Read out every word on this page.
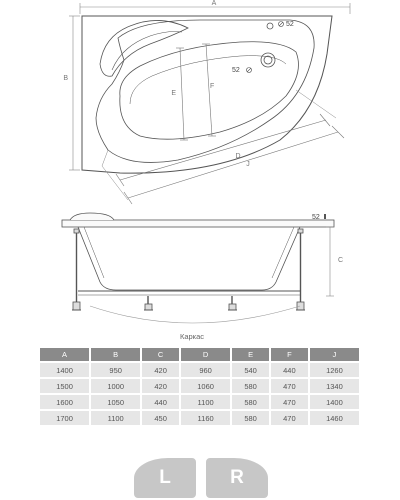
A
B
E
F
D
J
52
52
C
52
Каркас
A	B	C	D	E	F	J
1400	950	420	960	540	440	1260
1500	1000	420	1060	580	470	1340
1600	1050	440	1100	580	470	1400
1700	1100	450	1160	580	470	1460
L	R
